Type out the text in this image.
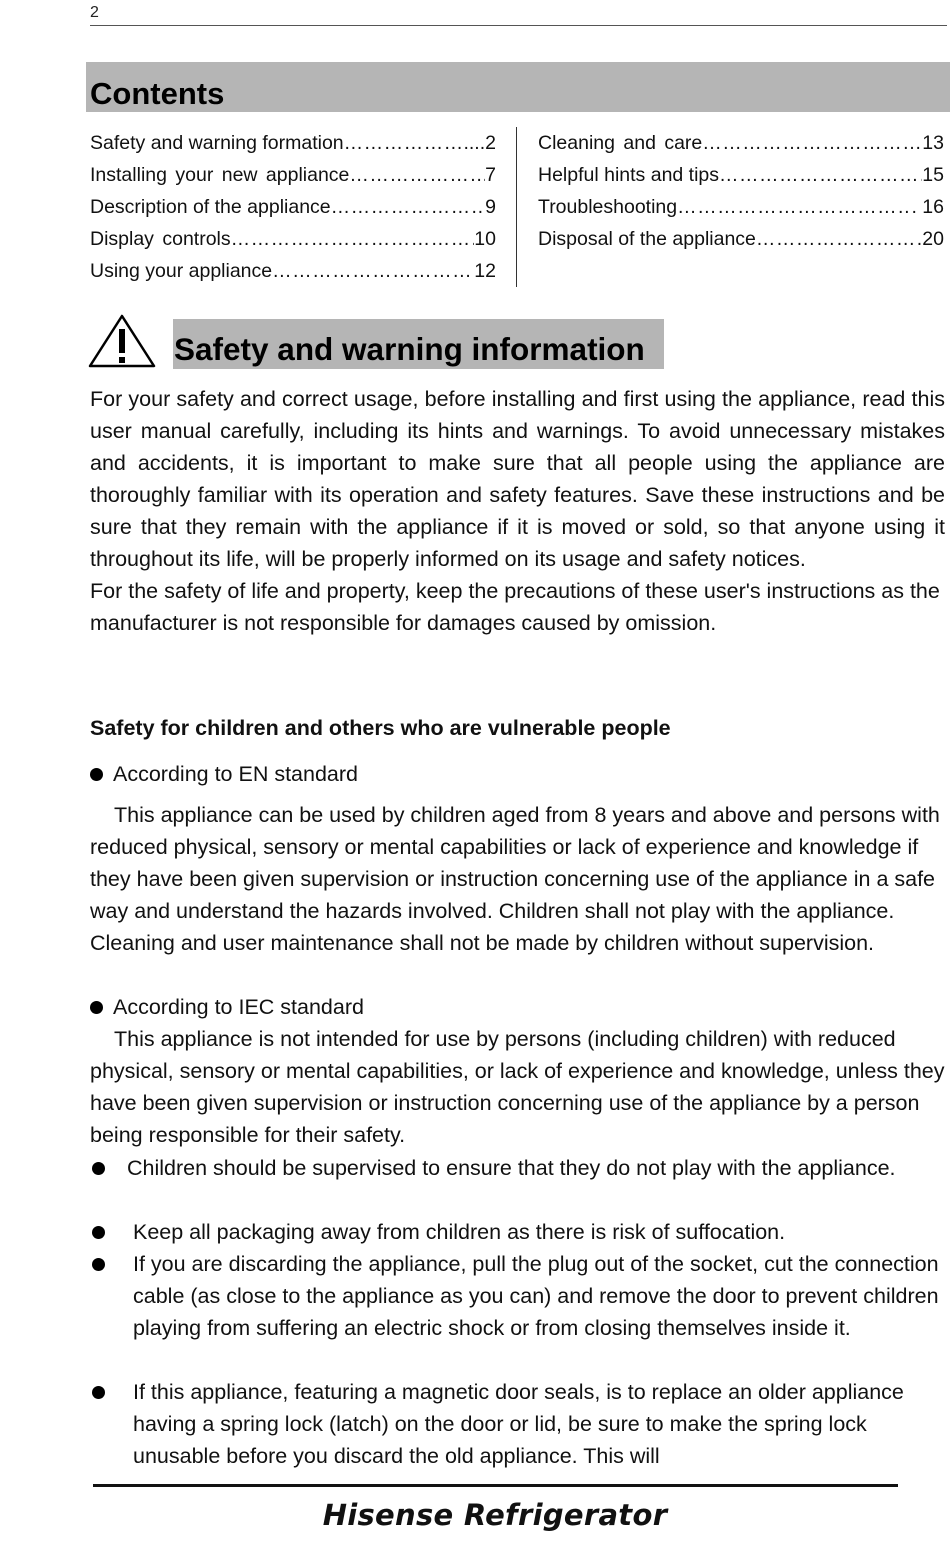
2
Contents
Safety and warning formation ……………………………………………………………………	....2
Installing your new appliance ……………………………………………………………………	7
Description of the appliance ……………………………………………………………………	9
Display controls ……………………………………………………………………	10
Using your appliance ……………………………………………………………………	12
Cleaning and care ……………………………………………………………………	13
Helpful hints and tips ……………………………………………………………………	15
Troubleshooting ……………………………………………………………………	. 16
Disposal of the appliance ……………………………………………………………………	20
Safety and warning information

For your safety and correct usage, before installing and first using the appliance, read this user manual carefully, including its hints and warnings. To avoid unnecessary mistakes and accidents, it is important to make sure that all people using the appliance are thoroughly familiar with its operation and safety features. Save these instructions and be sure that they remain with the appliance if it is moved or sold, so that anyone using it throughout its life, will be properly informed on its usage and safety notices.

For the safety of life and property, keep the precautions of these user's instructions as the manufacturer is not responsible for damages caused by omission.

Safety for children and others who are vulnerable people
According to EN standard
This appliance can be used by children aged from 8 years and above and persons with reduced physical, sensory or mental capabilities or lack of experience and knowledge if they have been given supervision or instruction concerning use of the appliance in a safe way and understand the hazards involved. Children shall not play with the appliance. Cleaning and user maintenance shall not be made by children without supervision.
According to IEC standard
This appliance is not intended for use by persons (including children) with reduced physical, sensory or mental capabilities, or lack of experience and knowledge, unless they have been given supervision or instruction concerning use of the appliance by a person being responsible for their safety.
Children should be supervised to ensure that they do not play with the appliance.
Keep all packaging away from children as there is risk of suffocation.
If you are discarding the appliance, pull the plug out of the socket, cut the connection cable (as close to the appliance as you can) and remove the door to prevent children playing from suffering an electric shock or from closing themselves inside it.
If this appliance, featuring a magnetic door seals, is to replace an older appliance having a spring lock (latch) on the door or lid, be sure to make the spring lock unusable before you discard the old appliance. This will
Hisense Refrigerator
